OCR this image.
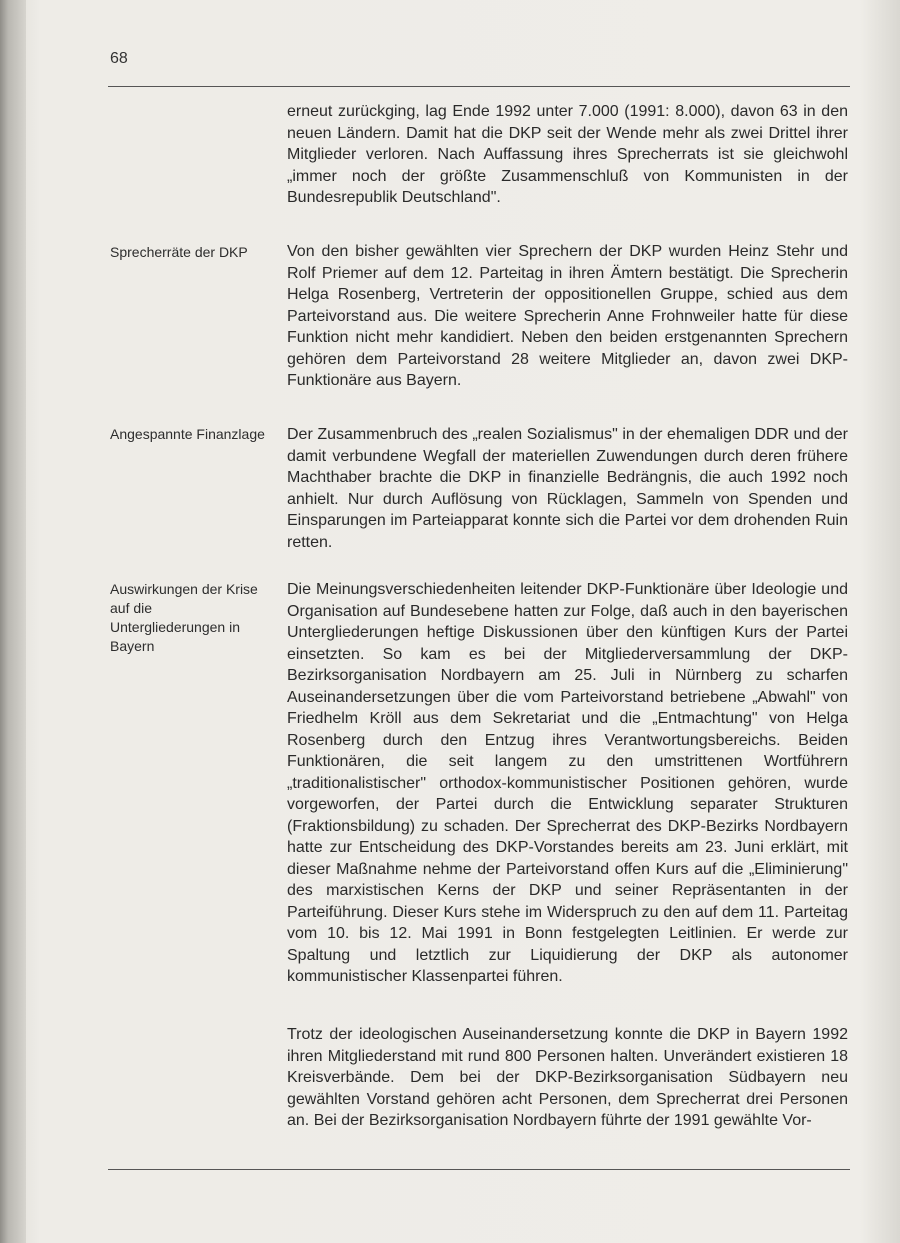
68
Sprecherräte der DKP
Angespannte Finanzlage
Auswirkungen der Krise auf die Untergliederungen in Bayern

erneut zurückging, lag Ende 1992 unter 7.000 (1991: 8.000), davon 63 in den neuen Ländern. Damit hat die DKP seit der Wende mehr als zwei Drittel ihrer Mitglieder verloren. Nach Auffassung ihres Sprecherrats ist sie gleichwohl „immer noch der größte Zusammenschluß von Kommunisten in der Bundesrepublik Deutschland".

Von den bisher gewählten vier Sprechern der DKP wurden Heinz Stehr und Rolf Priemer auf dem 12. Parteitag in ihren Ämtern bestätigt. Die Sprecherin Helga Rosenberg, Vertreterin der oppositionellen Gruppe, schied aus dem Parteivorstand aus. Die weitere Sprecherin Anne Frohnweiler hatte für diese Funktion nicht mehr kandidiert. Neben den beiden erstgenannten Sprechern gehören dem Parteivorstand 28 weitere Mitglieder an, davon zwei DKP-Funktionäre aus Bayern.

Der Zusammenbruch des „realen Sozialismus" in der ehemaligen DDR und der damit verbundene Wegfall der materiellen Zuwendungen durch deren frühere Machthaber brachte die DKP in finanzielle Bedrängnis, die auch 1992 noch anhielt. Nur durch Auflösung von Rücklagen, Sammeln von Spenden und Einsparungen im Parteiapparat konnte sich die Partei vor dem drohenden Ruin retten.

Die Meinungsverschiedenheiten leitender DKP-Funktionäre über Ideologie und Organisation auf Bundesebene hatten zur Folge, daß auch in den bayerischen Untergliederungen heftige Diskussionen über den künftigen Kurs der Partei einsetzten. So kam es bei der Mitgliederversammlung der DKP-Bezirksorganisation Nordbayern am 25. Juli in Nürnberg zu scharfen Auseinandersetzungen über die vom Parteivorstand betriebene „Abwahl" von Friedhelm Kröll aus dem Sekretariat und die „Entmachtung" von Helga Rosenberg durch den Entzug ihres Verantwortungsbereichs. Beiden Funktionären, die seit langem zu den umstrittenen Wortführern „traditionalistischer" orthodox-kommunistischer Positionen gehören, wurde vorgeworfen, der Partei durch die Entwicklung separater Strukturen (Fraktionsbildung) zu schaden. Der Sprecherrat des DKP-Bezirks Nordbayern hatte zur Entscheidung des DKP-Vorstandes bereits am 23. Juni erklärt, mit dieser Maßnahme nehme der Parteivorstand offen Kurs auf die „Eliminierung" des marxistischen Kerns der DKP und seiner Repräsentanten in der Parteiführung. Dieser Kurs stehe im Widerspruch zu den auf dem 11. Parteitag vom 10. bis 12. Mai 1991 in Bonn festgelegten Leitlinien. Er werde zur Spaltung und letztlich zur Liquidierung der DKP als autonomer kommunistischer Klassenpartei führen.

Trotz der ideologischen Auseinandersetzung konnte die DKP in Bayern 1992 ihren Mitgliederstand mit rund 800 Personen halten. Unverändert existieren 18 Kreisverbände. Dem bei der DKP-Bezirksorganisation Südbayern neu gewählten Vorstand gehören acht Personen, dem Sprecherrat drei Personen an. Bei der Bezirksorganisation Nordbayern führte der 1991 gewählte Vor-
